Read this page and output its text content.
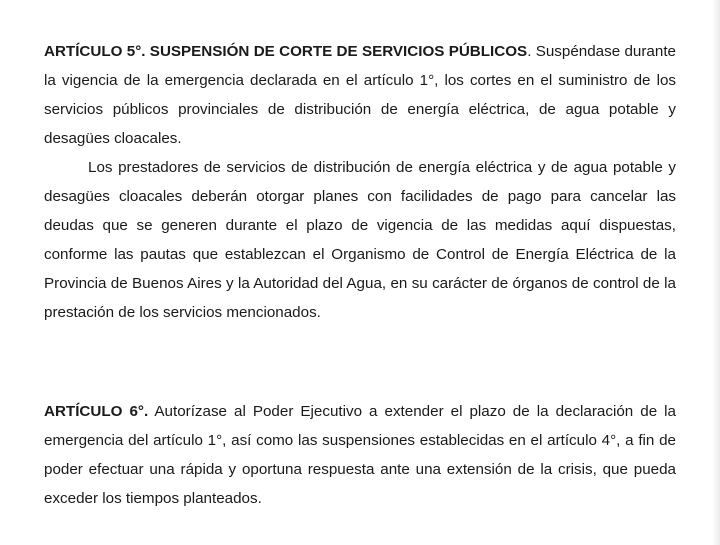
ARTÍCULO 5°. SUSPENSIÓN DE CORTE DE SERVICIOS PÚBLICOS. Suspéndase durante la vigencia de la emergencia declarada en el artículo 1°, los cortes en el suministro de los servicios públicos provinciales de distribución de energía eléctrica, de agua potable y desagües cloacales.

Los prestadores de servicios de distribución de energía eléctrica y de agua potable y desagües cloacales deberán otorgar planes con facilidades de pago para cancelar las deudas que se generen durante el plazo de vigencia de las medidas aquí dispuestas, conforme las pautas que establezcan el Organismo de Control de Energía Eléctrica de la Provincia de Buenos Aires y la Autoridad del Agua, en su carácter de órganos de control de la prestación de los servicios mencionados.

ARTÍCULO 6°. Autorízase al Poder Ejecutivo a extender el plazo de la declaración de la emergencia del artículo 1°, así como las suspensiones establecidas en el artículo 4°, a fin de poder efectuar una rápida y oportuna respuesta ante una extensión de la crisis, que pueda exceder los tiempos planteados.
